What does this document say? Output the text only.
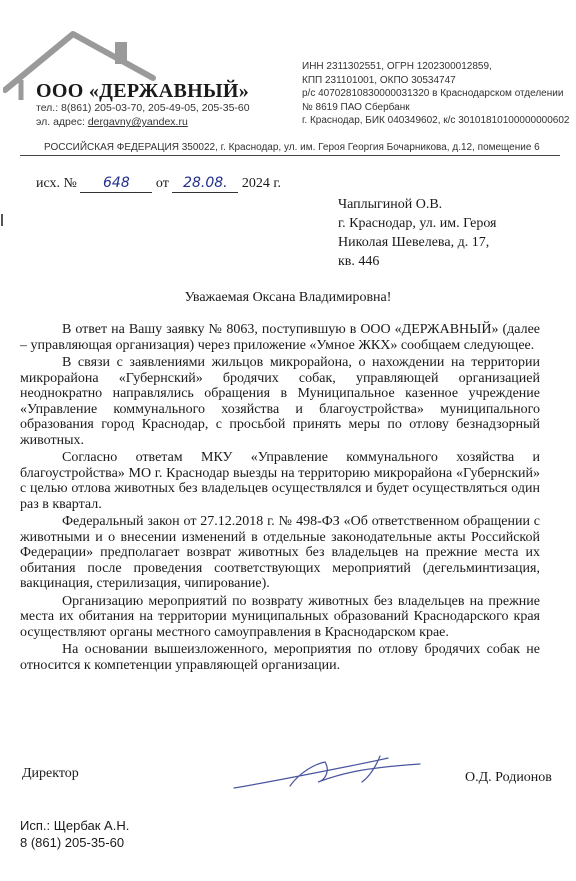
ООО «ДЕРЖАВНЫЙ»
тел.: 8(861) 205-03-70, 205-49-05, 205-35-60
эл. адрес: dergavny@yandex.ru
ИНН 2311302551, ОГРН 1202300012859,
КПП 231101001, ОКПО 30534747
р/с 40702810830000031320 в Краснодарском отделении
№ 8619 ПАО Сбербанк
г. Краснодар, БИК 040349602, к/с 30101810100000000602
РОССИЙСКАЯ ФЕДЕРАЦИЯ 350022, г. Краснодар, ул. им. Героя Георгия Бочарникова, д.12, помещение 6
исх. № 648 от 28.08. 2024 г.
Чаплыгиной О.В.
г. Краснодар, ул. им. Героя
Николая Шевелева, д. 17,
кв. 446
Уважаемая Оксана Владимировна!

В ответ на Вашу заявку № 8063, поступившую в ООО «ДЕРЖАВНЫЙ» (далее – управляющая организация) через приложение «Умное ЖКХ» сообщаем следующее.

В связи с заявлениями жильцов микрорайона, о нахождении на территории микрорайона «Губернский» бродячих собак, управляющей организацией неоднократно направлялись обращения в Муниципальное казенное учреждение «Управление коммунального хозяйства и благоустройства» муниципального образования город Краснодар, с просьбой принять меры по отлову безнадзорный животных.

Согласно ответам МКУ «Управление коммунального хозяйства и благоустройства» МО г. Краснодар выезды на территорию микрорайона «Губернский» с целью отлова животных без владельцев осуществлялся и будет осуществляться один раз в квартал.

Федеральный закон от 27.12.2018 г. № 498-ФЗ «Об ответственном обращении с животными и о внесении изменений в отдельные законодательные акты Российской Федерации» предполагает возврат животных без владельцев на прежние места их обитания после проведения соответствующих мероприятий (дегельминтизация, вакцинация, стерилизация, чипирование).

Организацию мероприятий по возврату животных без владельцев на прежние места их обитания на территории муниципальных образований Краснодарского края осуществляют органы местного самоуправления в Краснодарском крае.

На основании вышеизложенного, мероприятия по отлову бродячих собак не относится к компетенции управляющей организации.

Директор	О.Д. Родионов
Исп.: Щербак А.Н.
8 (861) 205-35-60
